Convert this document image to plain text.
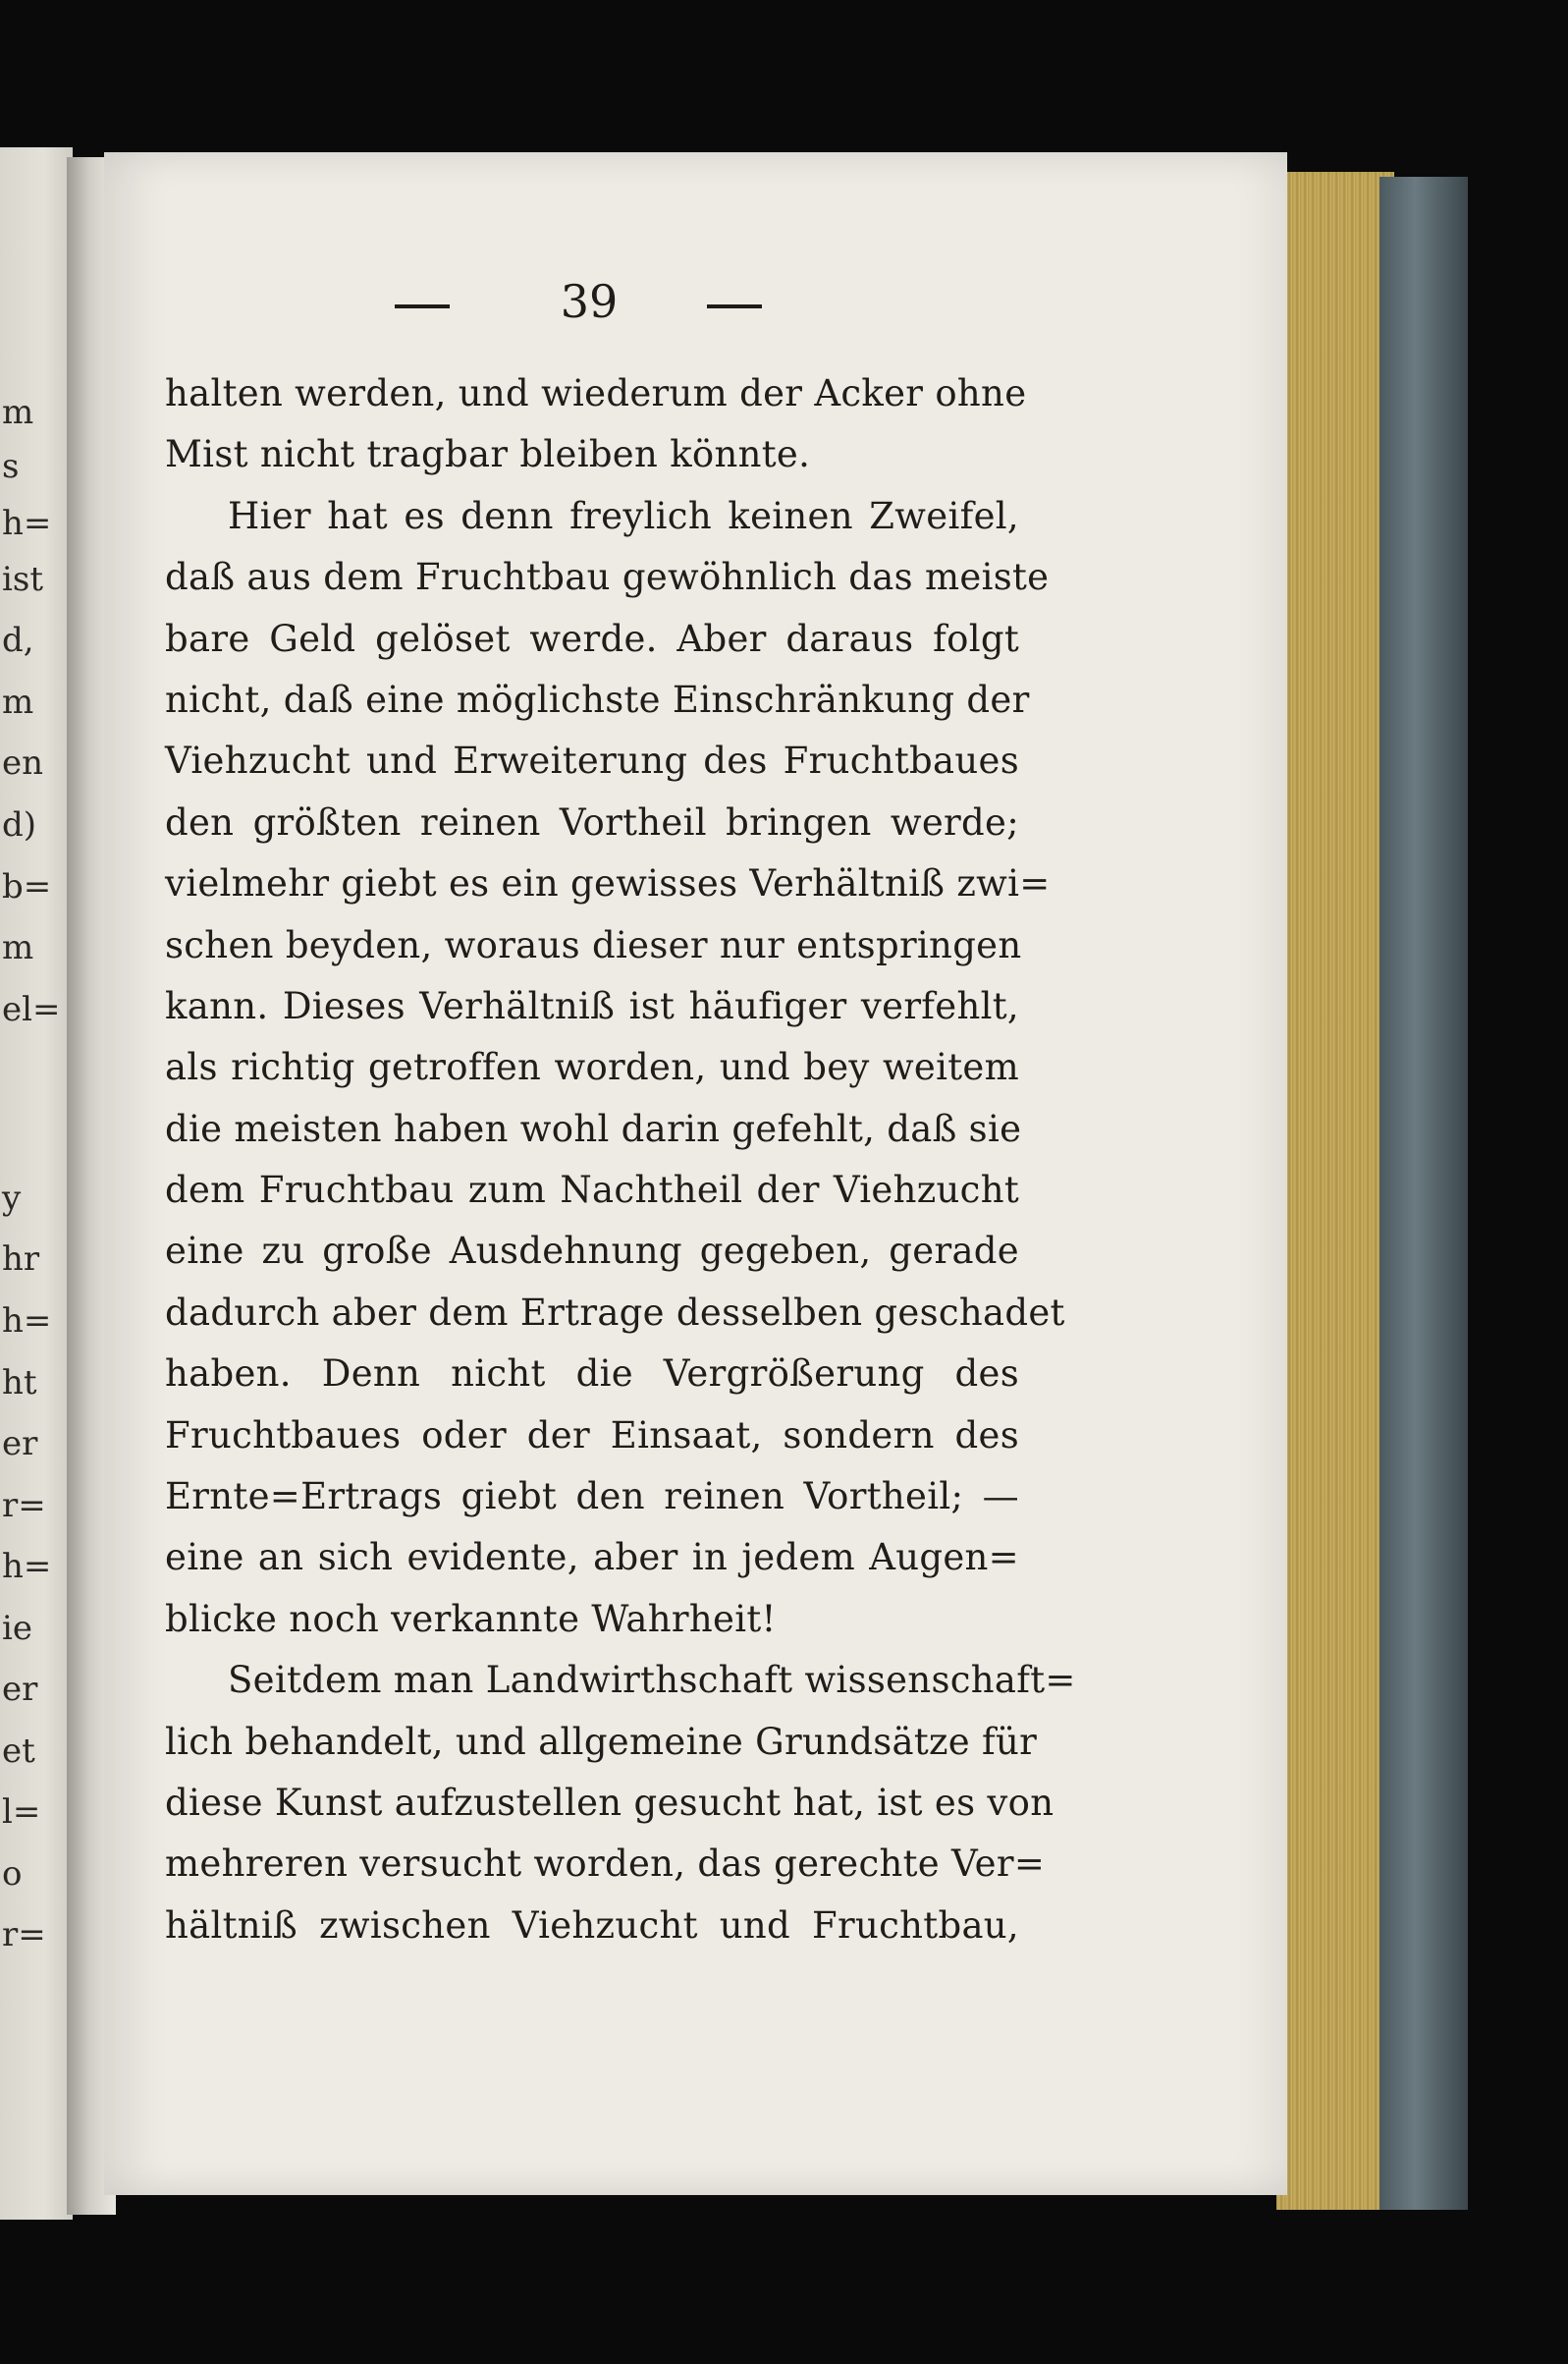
m
s
h=
ist
d,
m
en
d)
b=
m
el=
y
hr
h=
ht
er
r=
h=
ie
er
et
l=
o
r=
39
halten werden, und wiederum der Acker ohne
Mist nicht tragbar bleiben könnte.
Hier hat es denn freylich keinen Zweifel,
daß aus dem Fruchtbau gewöhnlich das meiste
bare Geld gelöset werde. Aber daraus folgt
nicht, daß eine möglichste Einschränkung der
Viehzucht und Erweiterung des Fruchtbaues
den größten reinen Vortheil bringen werde;
vielmehr giebt es ein gewisses Verhältniß zwi=
schen beyden, woraus dieser nur entspringen
kann. Dieses Verhältniß ist häufiger verfehlt,
als richtig getroffen worden, und bey weitem
die meisten haben wohl darin gefehlt, daß sie
dem Fruchtbau zum Nachtheil der Viehzucht
eine zu große Ausdehnung gegeben, gerade
dadurch aber dem Ertrage desselben geschadet
haben. Denn nicht die Vergrößerung des
Fruchtbaues oder der Einsaat, sondern des
Ernte=Ertrags giebt den reinen Vortheil; —
eine an sich evidente, aber in jedem Augen=
blicke noch verkannte Wahrheit!
Seitdem man Landwirthschaft wissenschaft=
lich behandelt, und allgemeine Grundsätze für
diese Kunst aufzustellen gesucht hat, ist es von
mehreren versucht worden, das gerechte Ver=
hältniß zwischen Viehzucht und Fruchtbau,
